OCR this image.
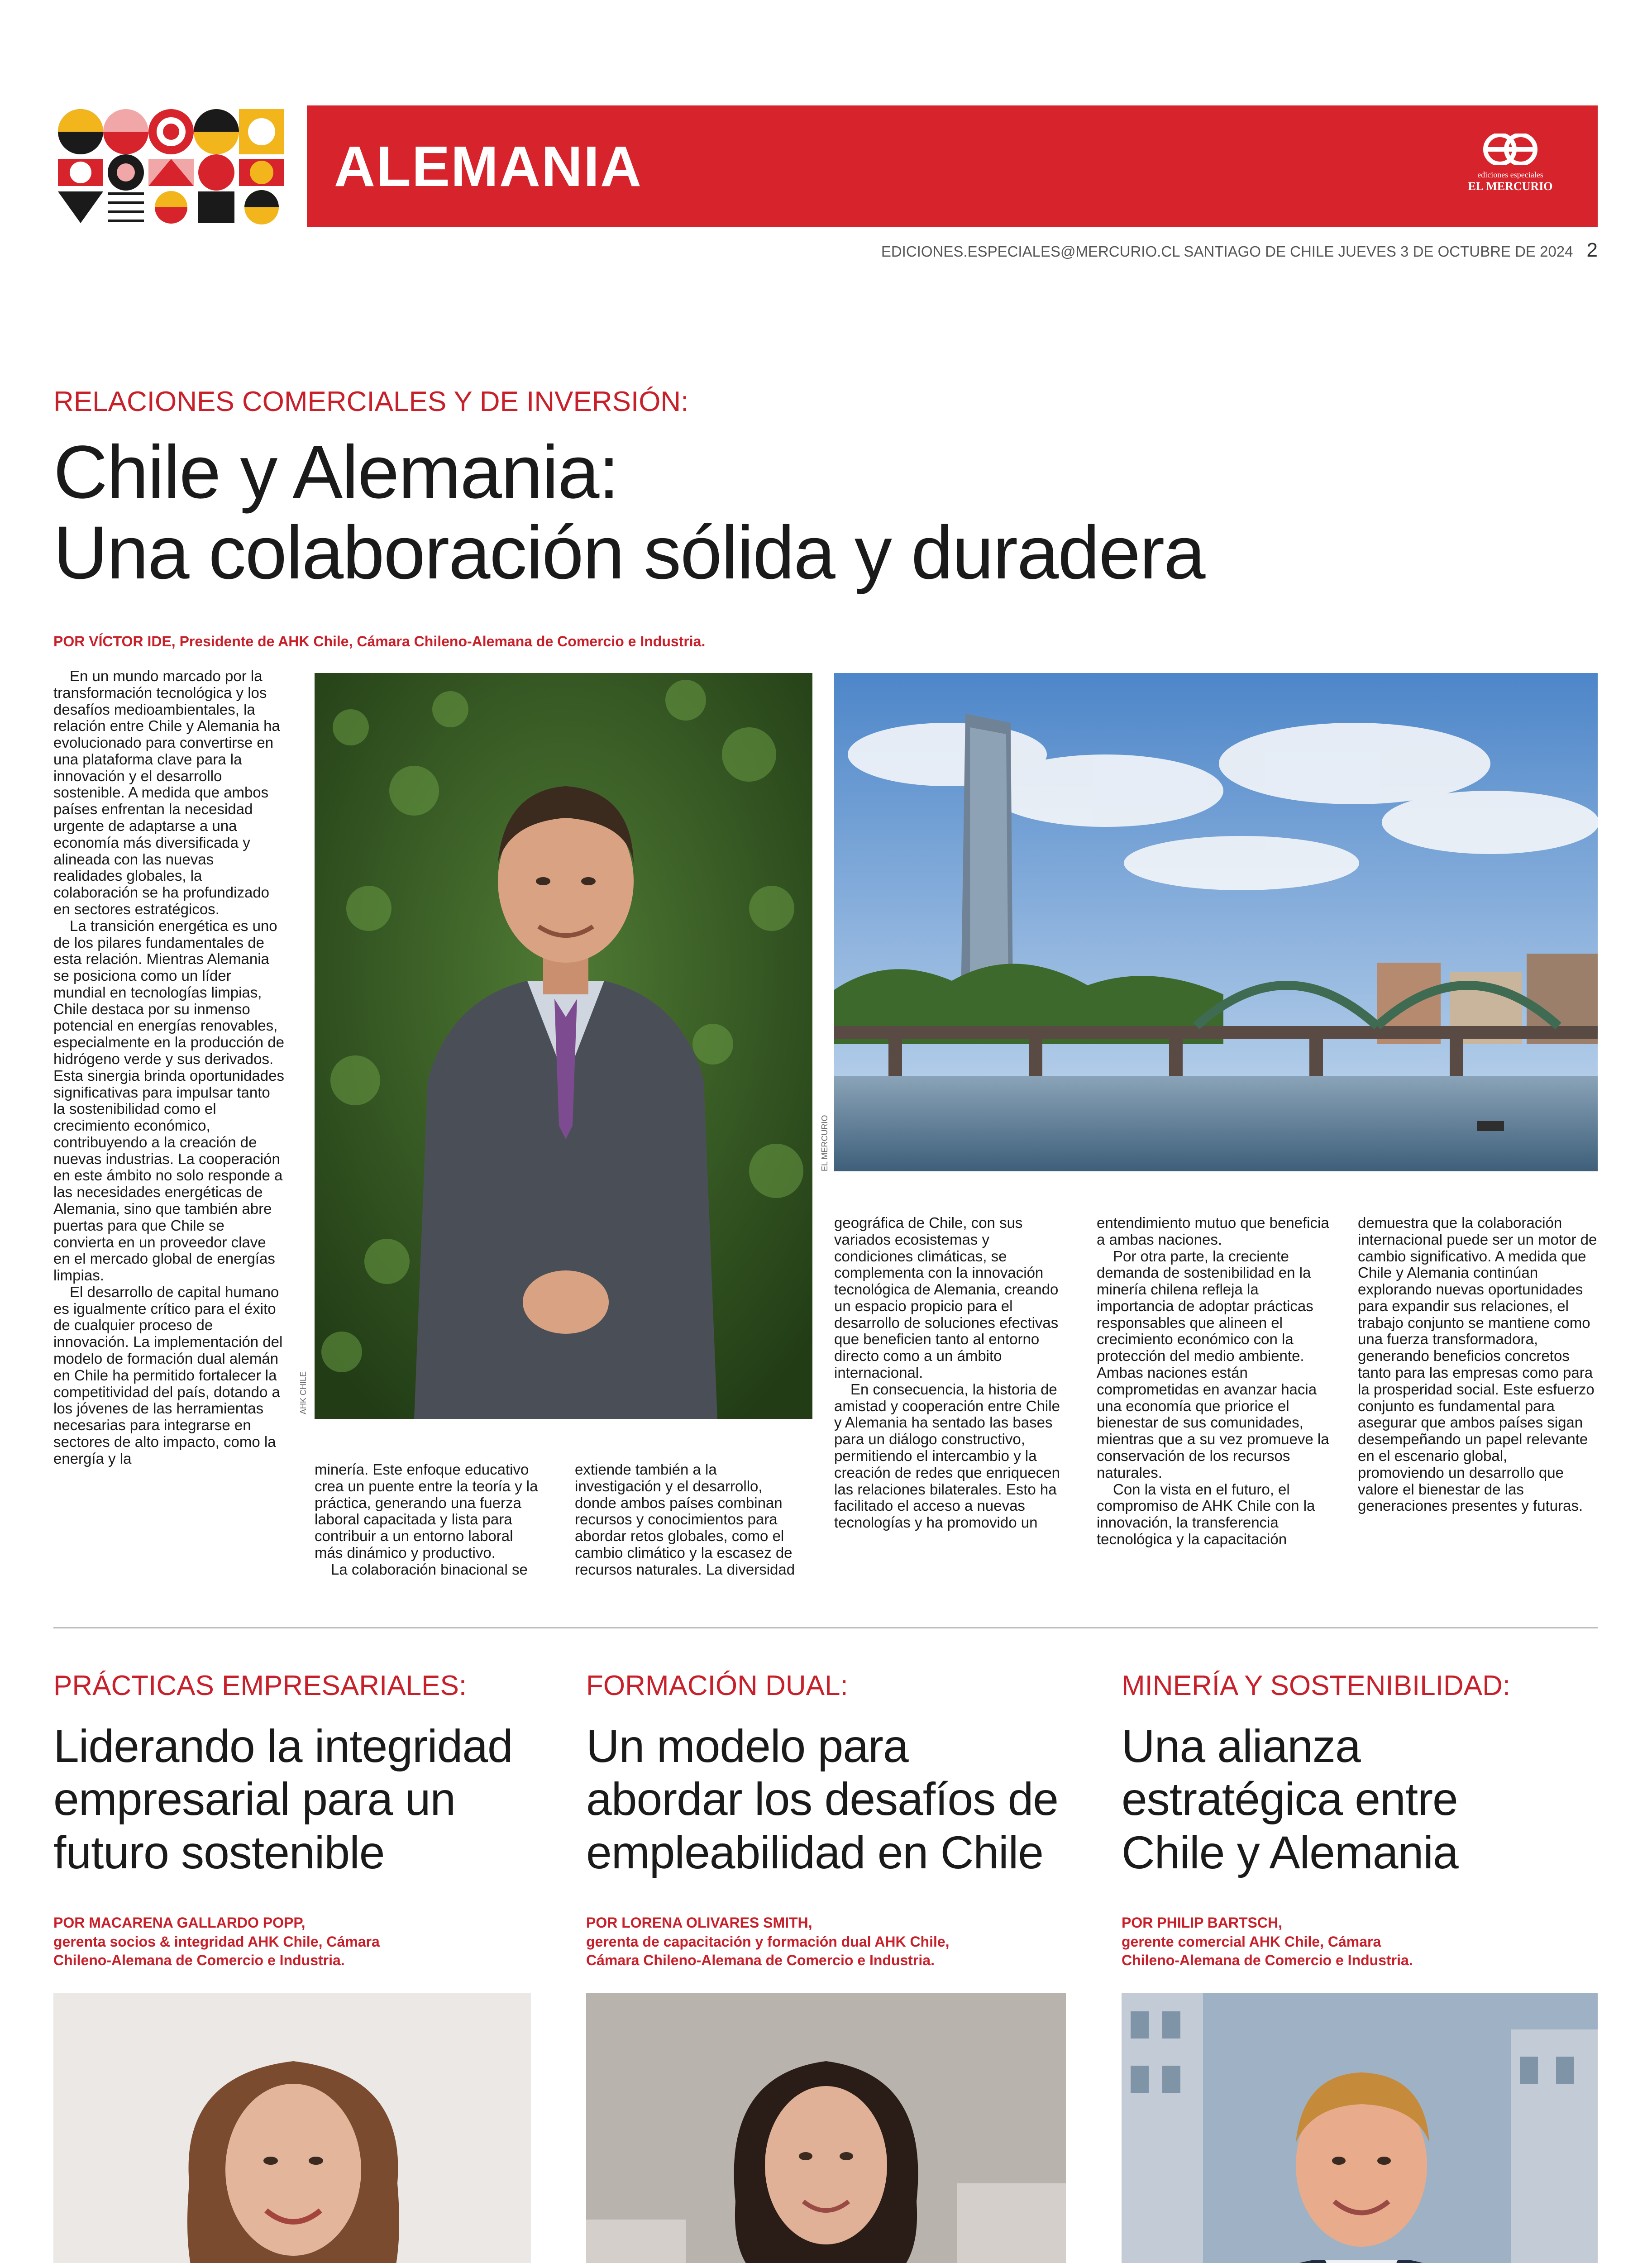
ALEMANIA	ediciones especiales
EL MERCURIO
EDICIONES.ESPECIALES@MERCURIO.CL SANTIAGO DE CHILE JUEVES 3 DE OCTUBRE DE 2024 2
RELACIONES COMERCIALES Y DE INVERSIÓN:
Chile y Alemania:
Una colaboración sólida y duradera
POR VÍCTOR IDE, Presidente de AHK Chile, Cámara Chileno-Alemana de Comercio e Industria.

En un mundo marcado por la transformación tecnológica y los desafíos medioambientales, la relación entre Chile y Alemania ha evolucionado para convertirse en una plataforma clave para la innovación y el desarrollo sostenible. A medida que ambos países enfrentan la necesidad urgente de adaptarse a una economía más diversificada y alineada con las nuevas realidades globales, la colaboración se ha profundizado en sectores estratégicos.

La transición energética es uno de los pilares fundamentales de esta relación. Mientras Alemania se posiciona como un líder mundial en tecnologías limpias, Chile destaca por su inmenso potencial en energías renovables, especialmente en la producción de hidrógeno verde y sus derivados. Esta sinergia brinda oportunidades significativas para impulsar tanto la sostenibilidad como el crecimiento económico, contribuyendo a la creación de nuevas industrias. La cooperación en este ámbito no solo responde a las necesidades energéticas de Alemania, sino que también abre puertas para que Chile se convierta en un proveedor clave en el mercado global de energías limpias.

El desarrollo de capital humano es igualmente crítico para el éxito de cualquier proceso de innovación. La implementación del modelo de formación dual alemán en Chile ha permitido fortalecer la competitividad del país, dotando a los jóvenes de las herramientas necesarias para integrarse en sectores de alto impacto, como la energía y la

AHK CHILE
EL MERCURIO

minería. Este enfoque educativo crea un puente entre la teoría y la práctica, generando una fuerza laboral capacitada y lista para contribuir a un entorno laboral más dinámico y productivo.

La colaboración binacional se

extiende también a la investigación y el desarrollo, donde ambos países combinan recursos y conocimientos para abordar retos globales, como el cambio climático y la escasez de recursos naturales. La diversidad

geográfica de Chile, con sus variados ecosistemas y condiciones climáticas, se complementa con la innovación tecnológica de Alemania, creando un espacio propicio para el desarrollo de soluciones efectivas que beneficien tanto al entorno directo como a un ámbito internacional.

En consecuencia, la historia de amistad y cooperación entre Chile y Alemania ha sentado las bases para un diálogo constructivo, permitiendo el intercambio y la creación de redes que enriquecen las relaciones bilaterales. Esto ha facilitado el acceso a nuevas tecnologías y ha promovido un

entendimiento mutuo que beneficia a ambas naciones.

Por otra parte, la creciente demanda de sostenibilidad en la minería chilena refleja la importancia de adoptar prácticas responsables que alineen el crecimiento económico con la protección del medio ambiente. Ambas naciones están comprometidas en avanzar hacia una economía que priorice el bienestar de sus comunidades, mientras que a su vez promueve la conservación de los recursos naturales.

Con la vista en el futuro, el compromiso de AHK Chile con la innovación, la transferencia tecnológica y la capacitación

demuestra que la colaboración internacional puede ser un motor de cambio significativo. A medida que Chile y Alemania continúan explorando nuevas oportunidades para expandir sus relaciones, el trabajo conjunto se mantiene como una fuerza transformadora, generando beneficios concretos tanto para las empresas como para la prosperidad social. Este esfuerzo conjunto es fundamental para asegurar que ambos países sigan desempeñando un papel relevante en el escenario global, promoviendo un desarrollo que valore el bienestar de las generaciones presentes y futuras.

PRÁCTICAS EMPRESARIALES:
Liderando la integridad
empresarial para un
futuro sostenible
POR MACARENA GALLARDO POPP,
gerenta socios & integridad AHK Chile, Cámara
Chileno-Alemana de Comercio e Industria.

FORMACIÓN DUAL:
Un modelo para
abordar los desafíos de
empleabilidad en Chile
POR LORENA OLIVARES SMITH,
gerenta de capacitación y formación dual AHK Chile,
Cámara Chileno-Alemana de Comercio e Industria.

MINERÍA Y SOSTENIBILIDAD:
Una alianza
estratégica entre
Chile y Alemania
POR PHILIP BARTSCH,
gerente comercial AHK Chile, Cámara
Chileno-Alemana de Comercio e Industria.
